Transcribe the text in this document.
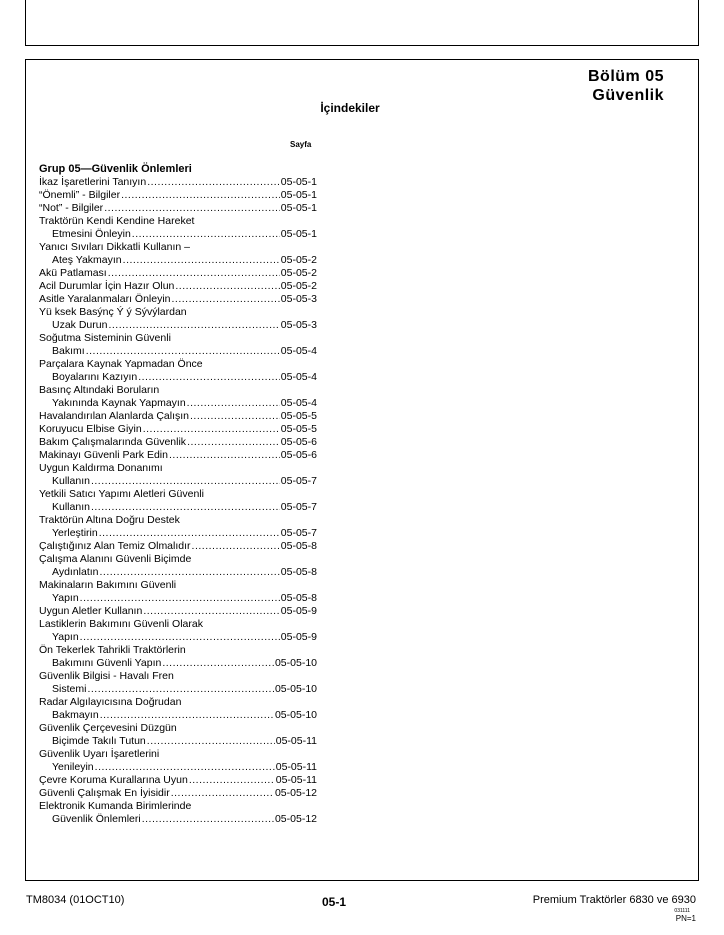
Bölüm 05
Güvenlik
İçindekiler
Sayfa
Grup 05—Güvenlik Önlemleri
İkaz İşaretlerini Tanıyın .....	05-05-1
“Önemli” - Bilgiler .....	05-05-1
“Not” - Bilgiler .....	05-05-1
Traktörün Kendi Kendine Hareket
Etmesini Önleyin .....	05-05-1
Yanıcı Sıvıları Dikkatli Kullanın –
Ateş Yakmayın .....	05-05-2
Akü Patlaması .....	05-05-2
Acil Durumlar İçin Hazır Olun .....	05-05-2
Asitle Yaralanmaları Önleyin .....	05-05-3
Yü ksek Basýnç Ý ý Sývýlardan
Uzak Durun .....	05-05-3
Soğutma Sisteminin Güvenli
Bakımı .....	05-05-4
Parçalara Kaynak Yapmadan Önce
Boyalarını Kazıyın .....	05-05-4
Basınç Altındaki Boruların
Yakınında Kaynak Yapmayın .....	05-05-4
Havalandırılan Alanlarda Çalışın .....	05-05-5
Koruyucu Elbise Giyin .....	05-05-5
Bakım Çalışmalarında Güvenlik .....	05-05-6
Makinayı Güvenli Park Edin .....	05-05-6
Uygun Kaldırma Donanımı
Kullanın .....	05-05-7
Yetkili Satıcı Yapımı Aletleri Güvenli
Kullanın .....	05-05-7
Traktörün Altına Doğru Destek
Yerleştirin .....	05-05-7
Çalıştığınız Alan Temiz Olmalıdır .....	05-05-8
Çalışma Alanını Güvenli Biçimde
Aydınlatın .....	05-05-8
Makinaların Bakımını Güvenli
Yapın .....	05-05-8
Uygun Aletler Kullanın .....	05-05-9
Lastiklerin Bakımını Güvenli Olarak
Yapın .....	05-05-9
Ön Tekerlek Tahrikli Traktörlerin
Bakımını Güvenli Yapın .....	05-05-10
Güvenlik Bilgisi - Havalı Fren
Sistemi .....	05-05-10
Radar Algılayıcısına Doğrudan
Bakmayın .....	05-05-10
Güvenlik Çerçevesini Düzgün
Biçimde Takılı Tutun .....	05-05-11
Güvenlik Uyarı İşaretlerini
Yenileyin .....	05-05-11
Çevre Koruma Kurallarına Uyun .....	05-05-11
Güvenli Çalışmak En İyisidir .....	05-05-12
Elektronik Kumanda Birimlerinde
Güvenlik Önlemleri .....	05-05-12
TM8034 (01OCT10)	05-1	Premium Traktörler 6830 ve 6930
031111
PN=1
